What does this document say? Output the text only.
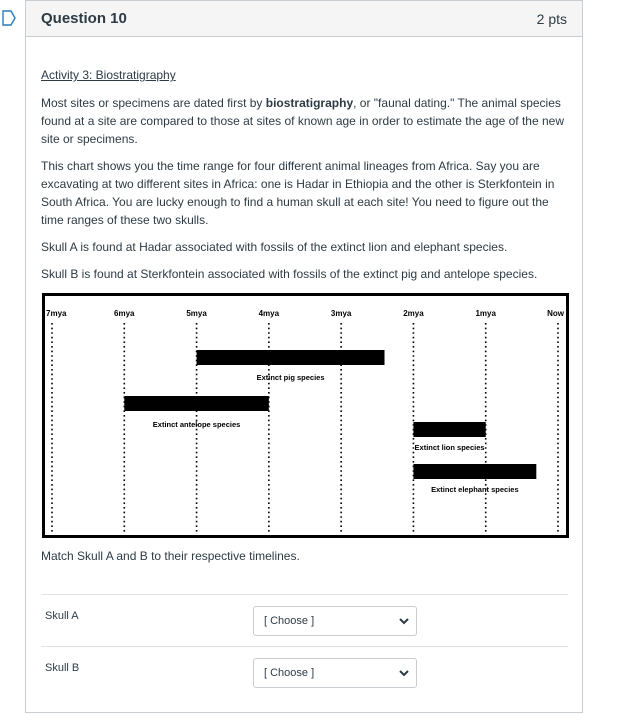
Question 10	2 pts
Activity 3: Biostratigraphy

Most sites or specimens are dated first by biostratigraphy, or "faunal dating." The animal species found at a site are compared to those at sites of known age in order to estimate the age of the new site or specimens.

This chart shows you the time range for four different animal lineages from Africa. Say you are excavating at two different sites in Africa: one is Hadar in Ethiopia and the other is Sterkfontein in South Africa. You are lucky enough to find a human skull at each site! You need to figure out the time ranges of these two skulls.

Skull A is found at Hadar associated with fossils of the extinct lion and elephant species.

Skull B is found at Sterkfontein associated with fossils of the extinct pig and antelope species.

7mya	6mya	5mya	4mya	3mya	2mya	1mya	Now
Extinct pig species
Extinct antelope species
Extinct lion species
Extinct elephant species
Match Skull A and B to their respective timelines.
Skull A	[ Choose ]
Skull B	[ Choose ]
